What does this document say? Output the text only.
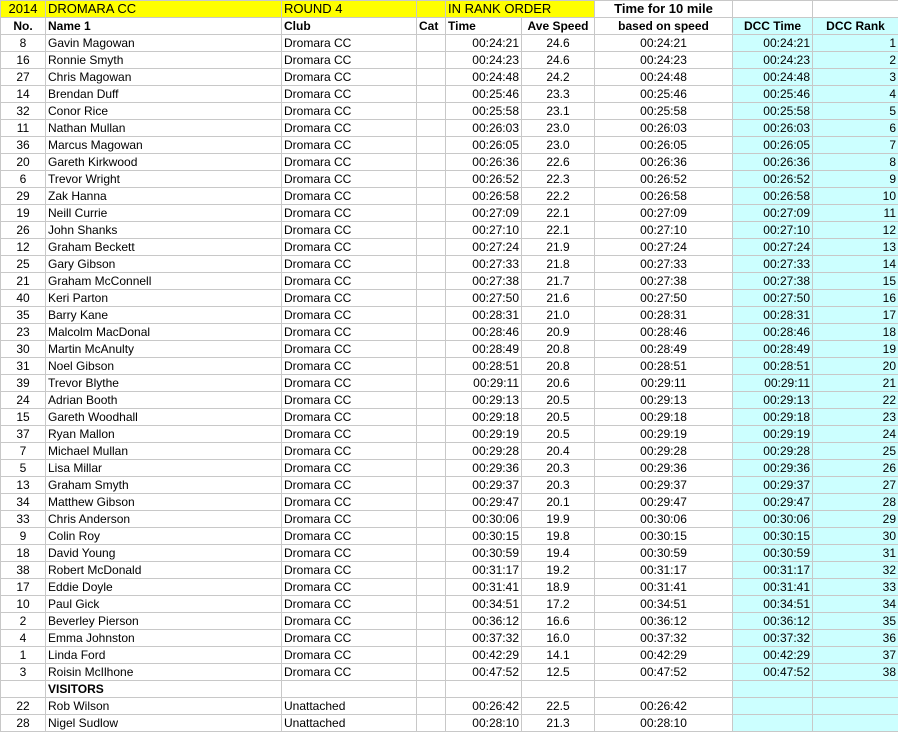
2014	DROMARA CC	ROUND 4		IN RANK ORDER		Time for 10 mile		
No.	Name 1	Club	Cat	Time	Ave Speed	based on speed	DCC Time	DCC Rank
8	Gavin Magowan	Dromara CC		00:24:21	24.6	00:24:21	00:24:21	1
16	Ronnie Smyth	Dromara CC		00:24:23	24.6	00:24:23	00:24:23	2
27	Chris Magowan	Dromara CC		00:24:48	24.2	00:24:48	00:24:48	3
14	Brendan Duff	Dromara CC		00:25:46	23.3	00:25:46	00:25:46	4
32	Conor Rice	Dromara CC		00:25:58	23.1	00:25:58	00:25:58	5
11	Nathan Mullan	Dromara CC		00:26:03	23.0	00:26:03	00:26:03	6
36	Marcus Magowan	Dromara CC		00:26:05	23.0	00:26:05	00:26:05	7
20	Gareth Kirkwood	Dromara CC		00:26:36	22.6	00:26:36	00:26:36	8
6	Trevor Wright	Dromara CC		00:26:52	22.3	00:26:52	00:26:52	9
29	Zak Hanna	Dromara CC		00:26:58	22.2	00:26:58	00:26:58	10
19	Neill Currie	Dromara CC		00:27:09	22.1	00:27:09	00:27:09	11
26	John Shanks	Dromara CC		00:27:10	22.1	00:27:10	00:27:10	12
12	Graham Beckett	Dromara CC		00:27:24	21.9	00:27:24	00:27:24	13
25	Gary Gibson	Dromara CC		00:27:33	21.8	00:27:33	00:27:33	14
21	Graham McConnell	Dromara CC		00:27:38	21.7	00:27:38	00:27:38	15
40	Keri Parton	Dromara CC		00:27:50	21.6	00:27:50	00:27:50	16
35	Barry Kane	Dromara CC		00:28:31	21.0	00:28:31	00:28:31	17
23	Malcolm MacDonal	Dromara CC		00:28:46	20.9	00:28:46	00:28:46	18
30	Martin McAnulty	Dromara CC		00:28:49	20.8	00:28:49	00:28:49	19
31	Noel Gibson	Dromara CC		00:28:51	20.8	00:28:51	00:28:51	20
39	Trevor Blythe	Dromara CC		00:29:11	20.6	00:29:11	00:29:11	21
24	Adrian Booth	Dromara CC		00:29:13	20.5	00:29:13	00:29:13	22
15	Gareth Woodhall	Dromara CC		00:29:18	20.5	00:29:18	00:29:18	23
37	Ryan Mallon	Dromara CC		00:29:19	20.5	00:29:19	00:29:19	24
7	Michael Mullan	Dromara CC		00:29:28	20.4	00:29:28	00:29:28	25
5	Lisa Millar	Dromara CC		00:29:36	20.3	00:29:36	00:29:36	26
13	Graham Smyth	Dromara CC		00:29:37	20.3	00:29:37	00:29:37	27
34	Matthew Gibson	Dromara CC		00:29:47	20.1	00:29:47	00:29:47	28
33	Chris Anderson	Dromara CC		00:30:06	19.9	00:30:06	00:30:06	29
9	Colin Roy	Dromara CC		00:30:15	19.8	00:30:15	00:30:15	30
18	David Young	Dromara CC		00:30:59	19.4	00:30:59	00:30:59	31
38	Robert McDonald	Dromara CC		00:31:17	19.2	00:31:17	00:31:17	32
17	Eddie Doyle	Dromara CC		00:31:41	18.9	00:31:41	00:31:41	33
10	Paul Gick	Dromara CC		00:34:51	17.2	00:34:51	00:34:51	34
2	Beverley Pierson	Dromara CC		00:36:12	16.6	00:36:12	00:36:12	35
4	Emma Johnston	Dromara CC		00:37:32	16.0	00:37:32	00:37:32	36
1	Linda Ford	Dromara CC		00:42:29	14.1	00:42:29	00:42:29	37
3	Roisin McIlhone	Dromara CC		00:47:52	12.5	00:47:52	00:47:52	38
	VISITORS							
22	Rob Wilson	Unattached		00:26:42	22.5	00:26:42		
28	Nigel Sudlow	Unattached		00:28:10	21.3	00:28:10		
